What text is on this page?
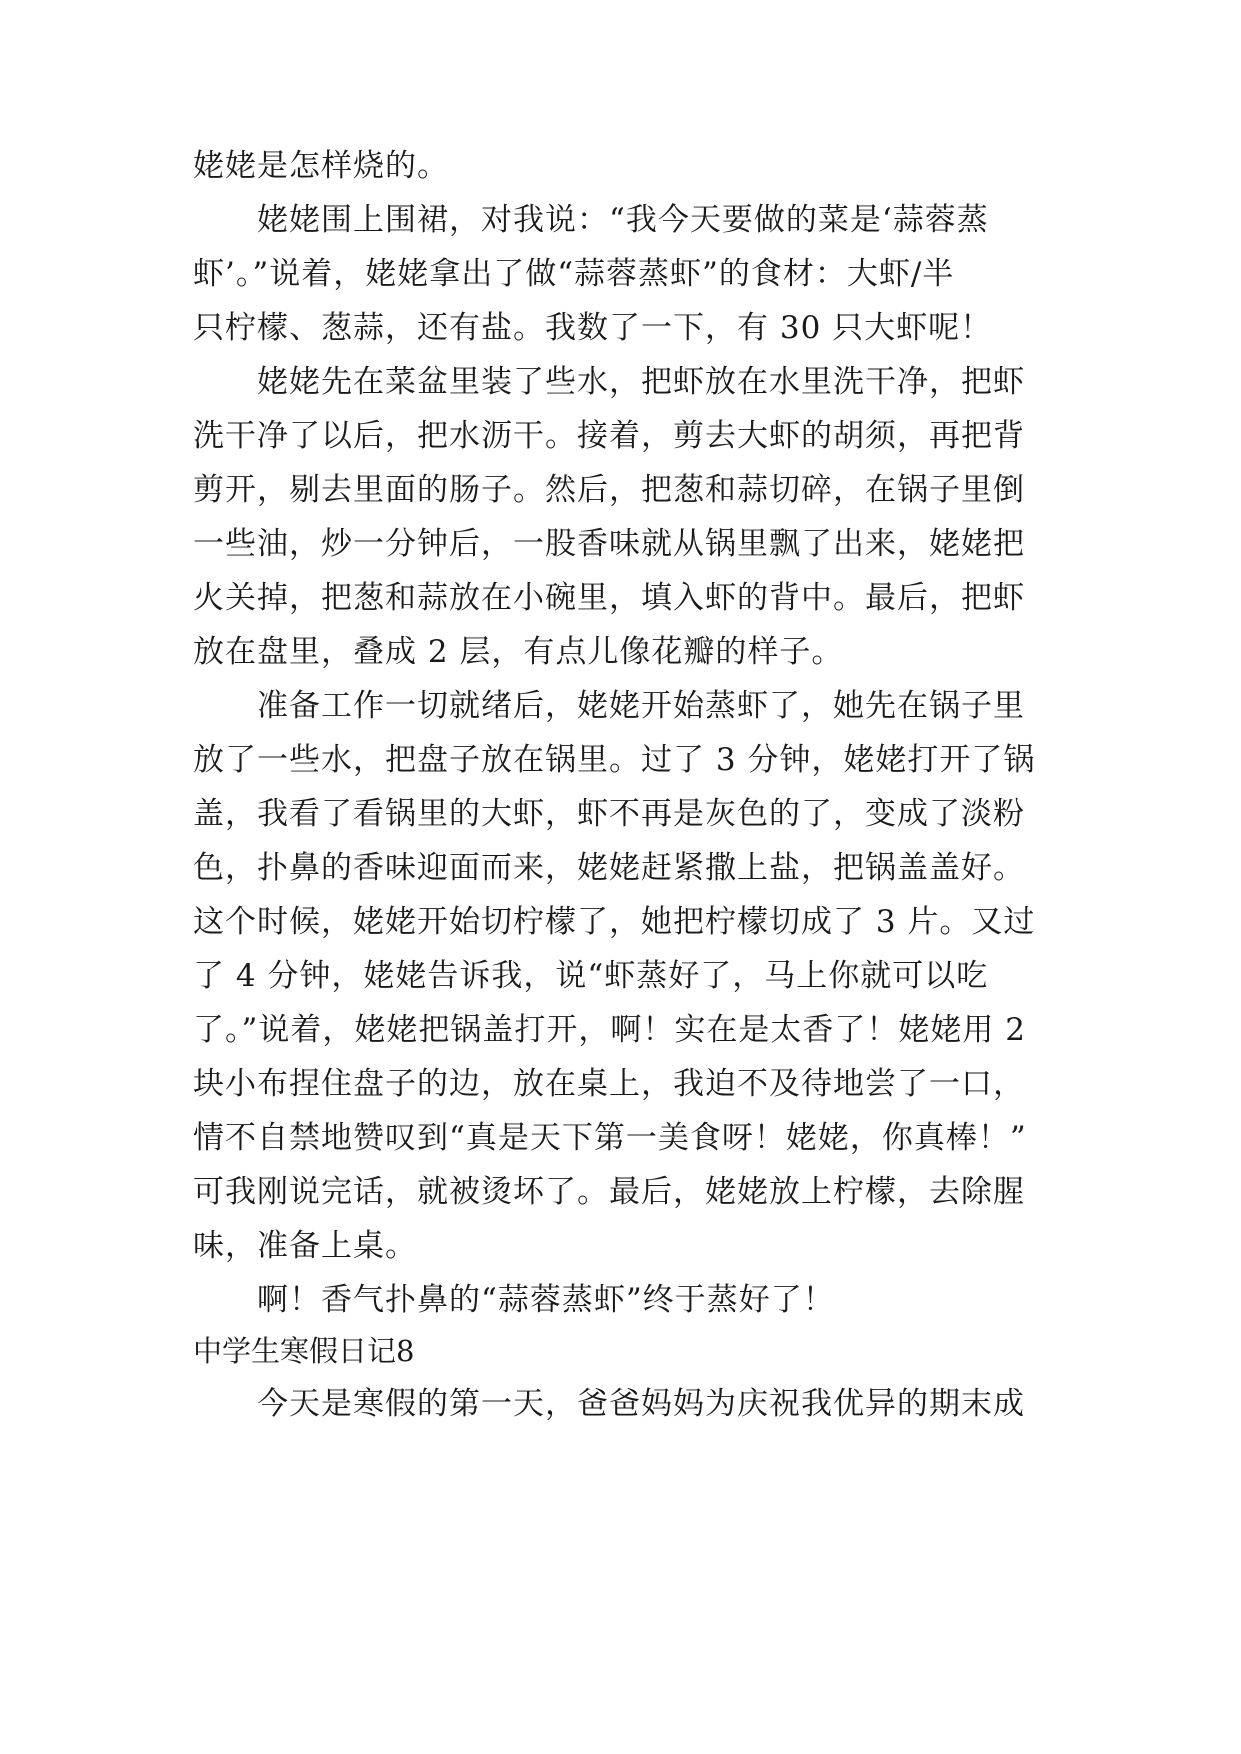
姥姥是怎样烧的。
姥姥围上围裙，对我说：“我今天要做的菜是‘蒜蓉蒸
虾’。”说着，姥姥拿出了做“蒜蓉蒸虾”的食材：大虾/半
只柠檬、葱蒜，还有盐。我数了一下，有 30 只大虾呢！
姥姥先在菜盆里装了些水，把虾放在水里洗干净，把虾
洗干净了以后，把水沥干。接着，剪去大虾的胡须，再把背
剪开，剔去里面的肠子。然后，把葱和蒜切碎，在锅子里倒
一些油，炒一分钟后，一股香味就从锅里飘了出来，姥姥把
火关掉，把葱和蒜放在小碗里，填入虾的背中。最后，把虾
放在盘里，叠成 2 层，有点儿像花瓣的样子。
准备工作一切就绪后，姥姥开始蒸虾了，她先在锅子里
放了一些水，把盘子放在锅里。过了 3 分钟，姥姥打开了锅
盖，我看了看锅里的大虾，虾不再是灰色的了，变成了淡粉
色，扑鼻的香味迎面而来，姥姥赶紧撒上盐，把锅盖盖好。
这个时候，姥姥开始切柠檬了，她把柠檬切成了 3 片。又过
了 4 分钟，姥姥告诉我，说“虾蒸好了，马上你就可以吃
了。”说着，姥姥把锅盖打开，啊！实在是太香了！姥姥用 2
块小布捏住盘子的边，放在桌上，我迫不及待地尝了一口，
情不自禁地赞叹到“真是天下第一美食呀！姥姥，你真棒！”
可我刚说完话，就被烫坏了。最后，姥姥放上柠檬，去除腥
味，准备上桌。
啊！香气扑鼻的“蒜蓉蒸虾”终于蒸好了！
中学生寒假日记8
今天是寒假的第一天，爸爸妈妈为庆祝我优异的期末成
